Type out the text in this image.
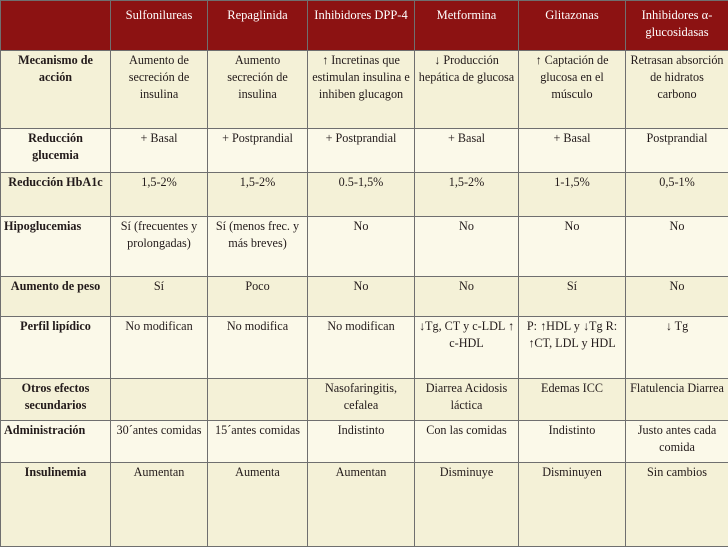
	Sulfonilureas	Repaglinida	Inhibidores DPP-4	Metformina	Glitazonas	Inhibidores α-glucosidasas
Mecanismo de acción	Aumento de secreción de insulina	Aumento secreción de insulina	↑ Incretinas que estimulan insulina e inhiben glucagon	↓ Producción hepática de glucosa	↑ Captación de glucosa en el músculo	Retrasan absorción de hidratos carbono
Reducción glucemia	+ Basal	+ Postprandial	+ Postprandial	+ Basal	+ Basal	Postprandial
Reducción HbA1c	1,5-2%	1,5-2%	0.5-1,5%	1,5-2%	1-1,5%	0,5-1%
Hipoglucemias	Sí (frecuentes y prolongadas)	Sí (menos frec. y más breves)	No	No	No	No
Aumento de peso	Sí	Poco	No	No	Sí	No
Perfil lipídico	No modifican	No modifica	No modifican	↓Tg, CT y c-LDL ↑ c-HDL	P: ↑HDL y ↓Tg R: ↑CT, LDL y HDL	↓ Tg
Otros efectos secundarios			Nasofaringitis, cefalea	Diarrea Acidosis láctica	Edemas ICC	Flatulencia Diarrea
Administración	30´antes comidas	15´antes comidas	Indistinto	Con las comidas	Indistinto	Justo antes cada comida
Insulinemia	Aumentan	Aumenta	Aumentan	Disminuye	Disminuyen	Sin cambios
